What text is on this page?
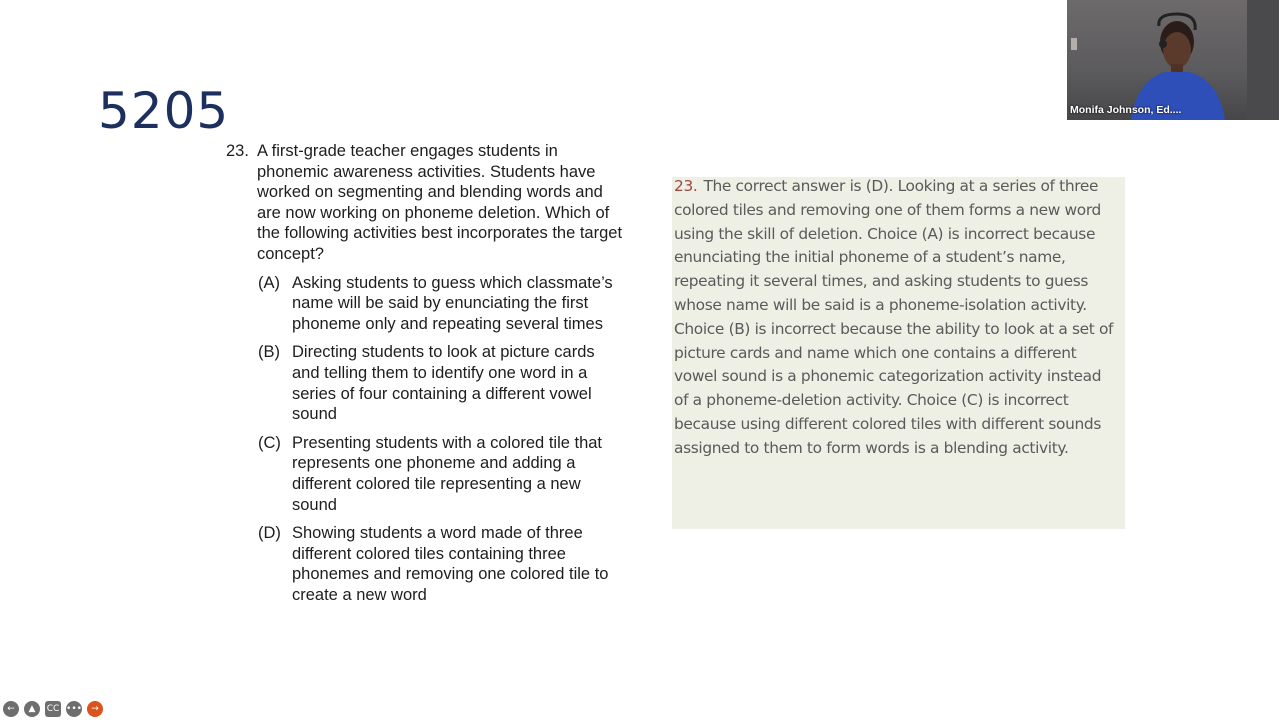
5205
23. A first-grade teacher engages students in phonemic awareness activities. Students have worked on segmenting and blending words and are now working on phoneme deletion. Which of the following activities best incorporates the target concept?
(A) Asking students to guess which classmate’s name will be said by enunciating the first phoneme only and repeating several times
(B) Directing students to look at picture cards and telling them to identify one word in a series of four containing a different vowel sound
(C) Presenting students with a colored tile that represents one phoneme and adding a different colored tile representing a new sound
(D) Showing students a word made of three different colored tiles containing three phonemes and removing one colored tile to create a new word
23. The correct answer is (D). Looking at a series of three colored tiles and removing one of them forms a new word using the skill of deletion. Choice (A) is incorrect because enunciating the initial phoneme of a student’s name, repeating it several times, and asking students to guess whose name will be said is a phoneme-isolation activity. Choice (B) is incorrect because the ability to look at a set of picture cards and name which one contains a different vowel sound is a phonemic categorization activity instead of a phoneme-deletion activity. Choice (C) is incorrect because using different colored tiles with different sounds assigned to them to form words is a blending activity.
Monifa Johnson, Ed....
←	▲	CC •••	→
